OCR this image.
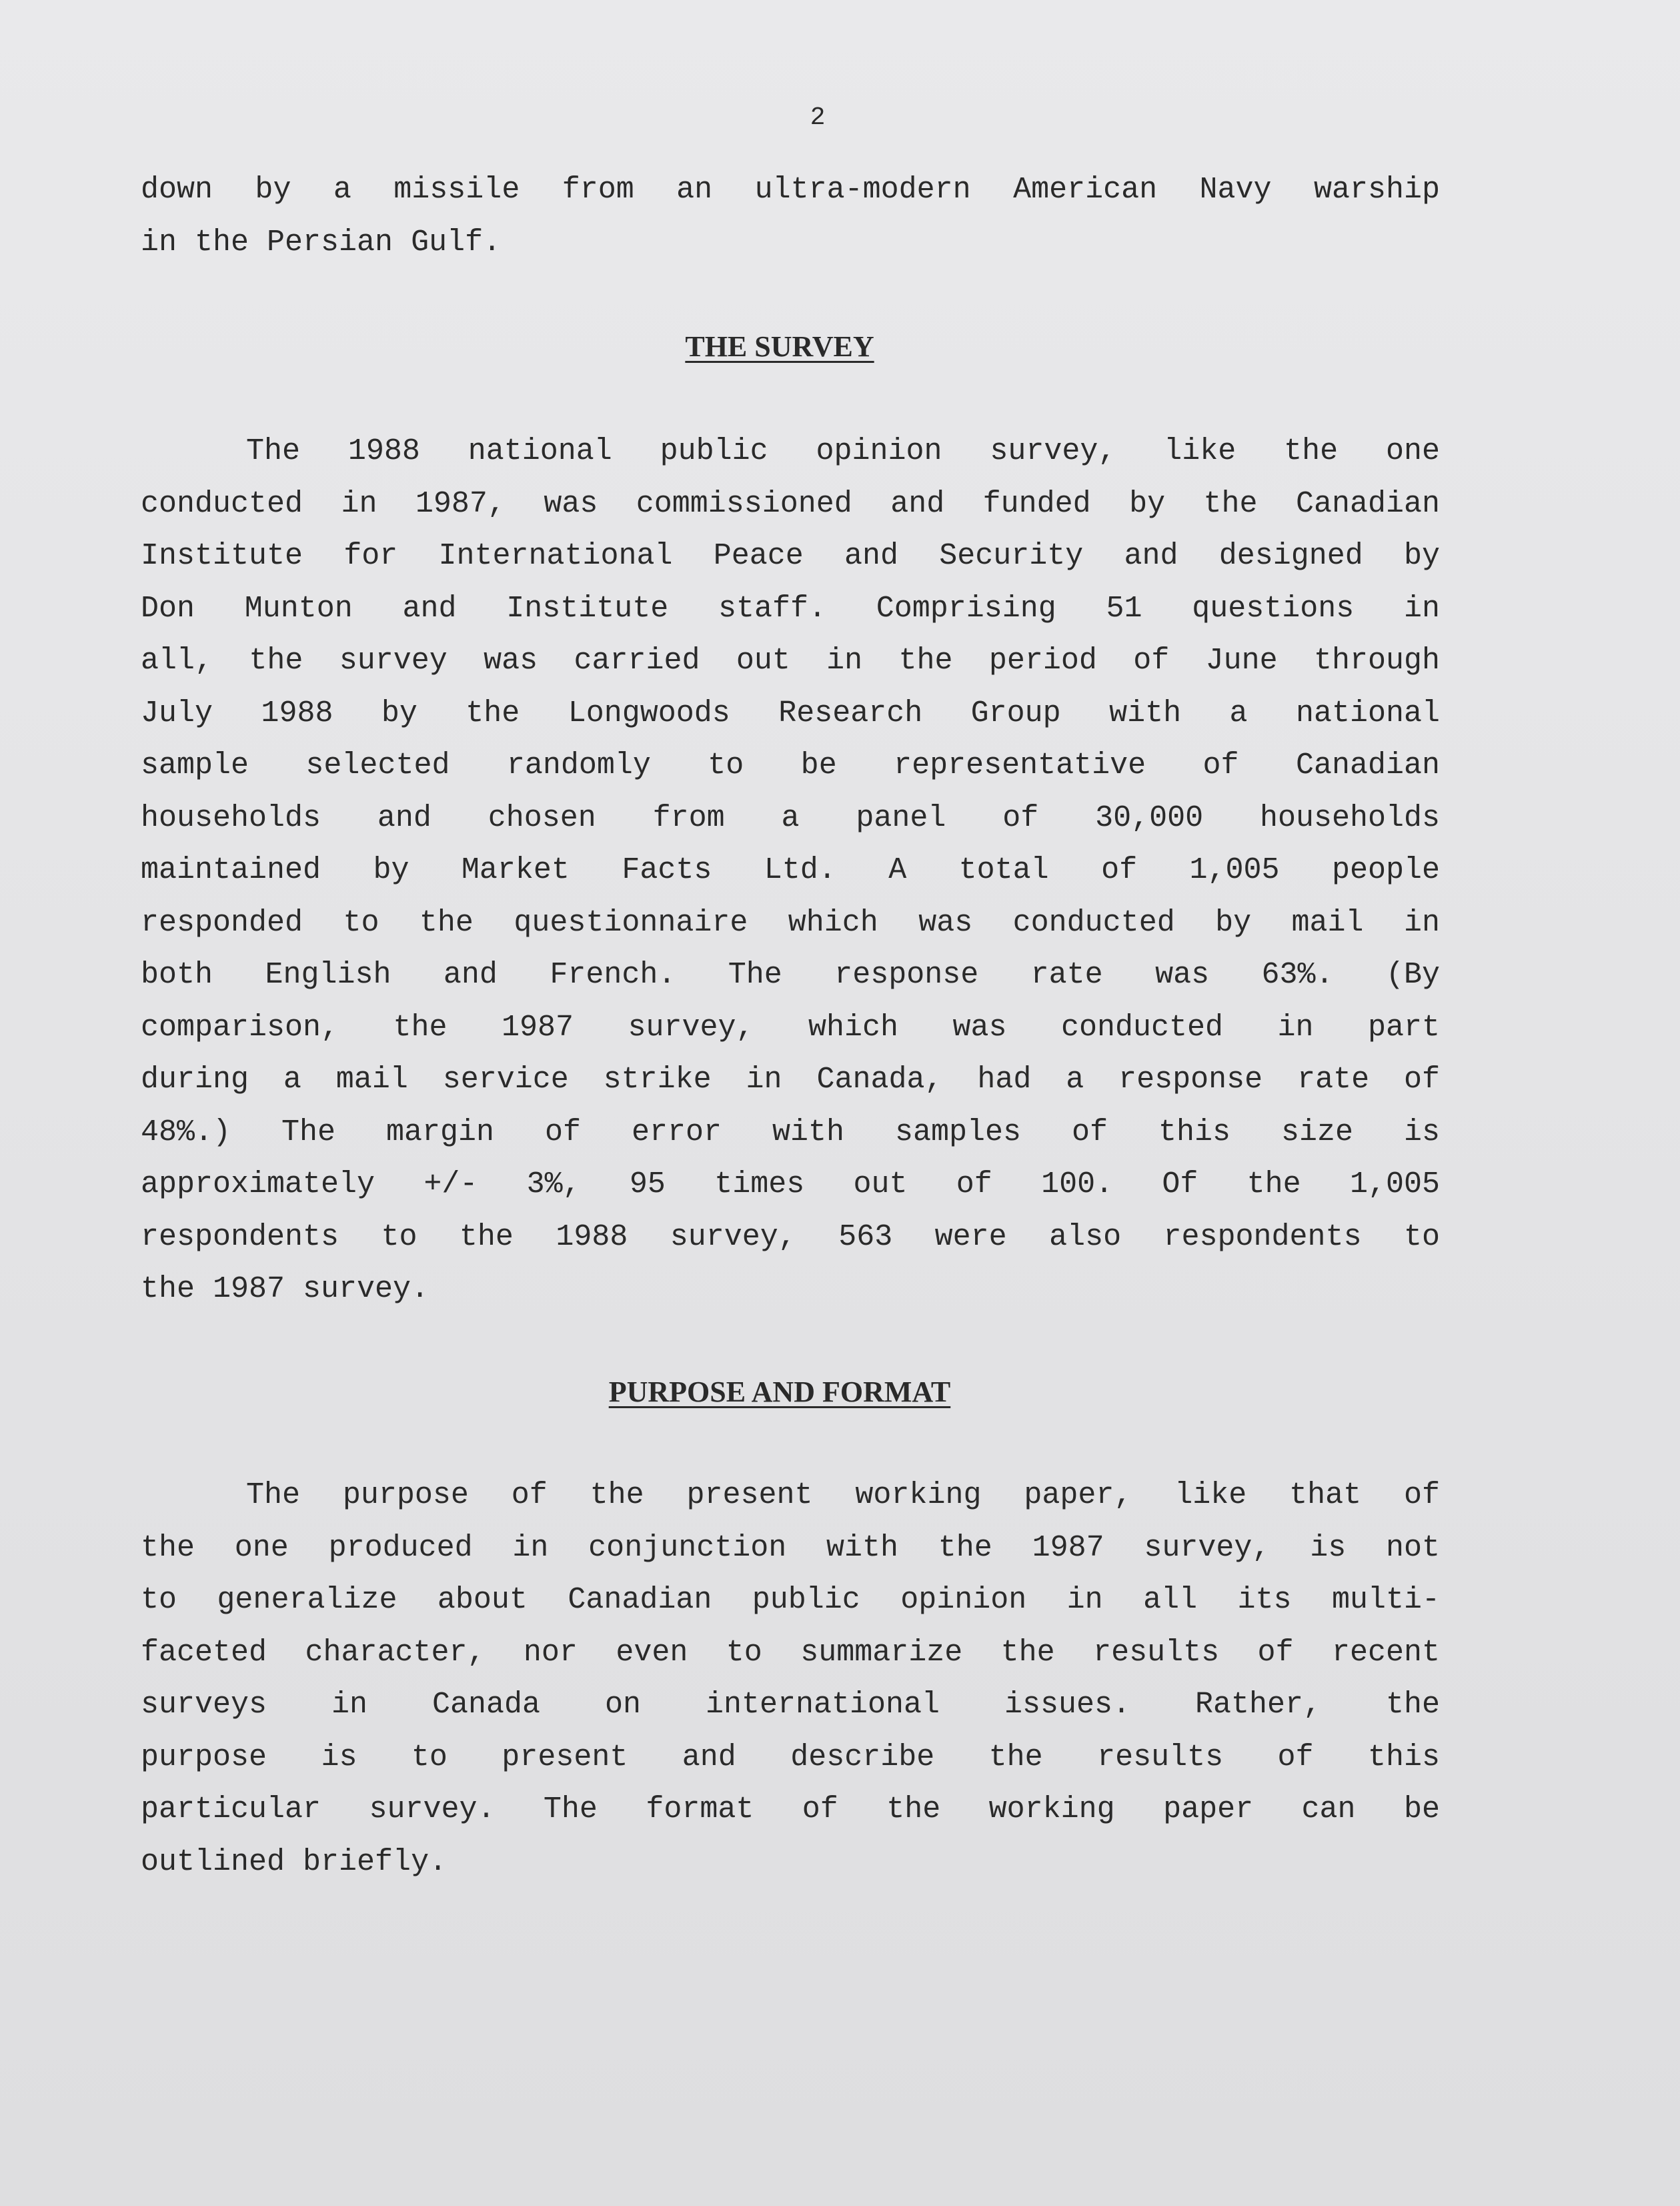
2
down by a missile from an ultra-modern American Navy warship
in the Persian Gulf.
THE SURVEY
The 1988 national public opinion survey, like the one
conducted in 1987, was commissioned and funded by the Canadian
Institute for International Peace and Security and designed by
Don Munton and Institute staff. Comprising 51 questions in
all, the survey was carried out in the period of June through
July 1988 by the Longwoods Research Group with a national
sample selected randomly to be representative of Canadian
households and chosen from a panel of 30,000 households
maintained by Market Facts Ltd. A total of 1,005 people
responded to the questionnaire which was conducted by mail in
both English and French. The response rate was 63%. (By
comparison, the 1987 survey, which was conducted in part
during a mail service strike in Canada, had a response rate of
48%.) The margin of error with samples of this size is
approximately +/- 3%, 95 times out of 100. Of the 1,005
respondents to the 1988 survey, 563 were also respondents to
the 1987 survey.
PURPOSE AND FORMAT
The purpose of the present working paper, like that of
the one produced in conjunction with the 1987 survey, is not
to generalize about Canadian public opinion in all its multi-
faceted character, nor even to summarize the results of recent
surveys in Canada on international issues. Rather, the
purpose is to present and describe the results of this
particular survey. The format of the working paper can be
outlined briefly.
